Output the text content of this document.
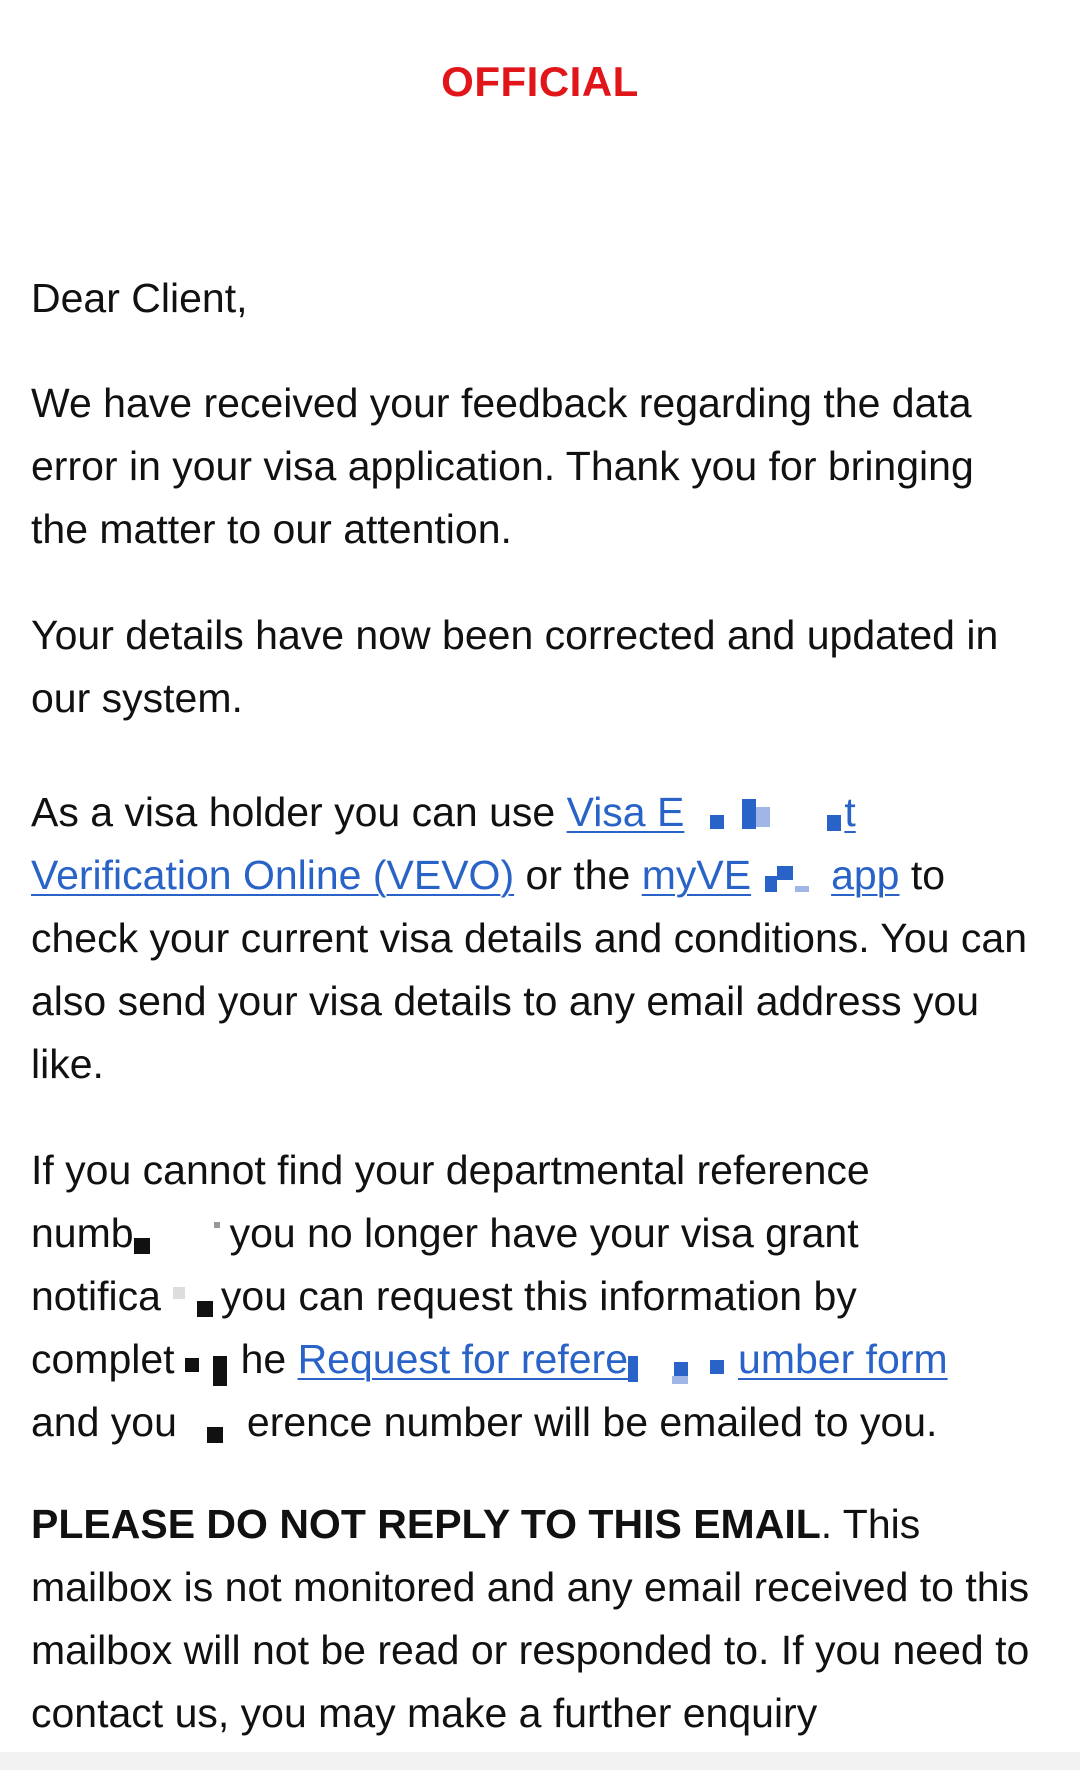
OFFICIAL

Dear Client,

We have received your feedback regarding the data error in your visa application. Thank you for bringing the matter to our attention.

Your details have now been corrected and updated in our system.

As a visa holder you can use Visa E	t
Verification Online (VEVO) or the myVE app to check your current visa details and conditions. You can also send your visa details to any email address you like.

If you cannot find your departmental reference
numb you no longer have your visa grant
notifica you can request this information by
complet he Request for refere	umber form
and you erence number will be emailed to you.

PLEASE DO NOT REPLY TO THIS EMAIL. This mailbox is not monitored and any email received to this mailbox will not be read or responded to. If you need to contact us, you may make a further enquiry
